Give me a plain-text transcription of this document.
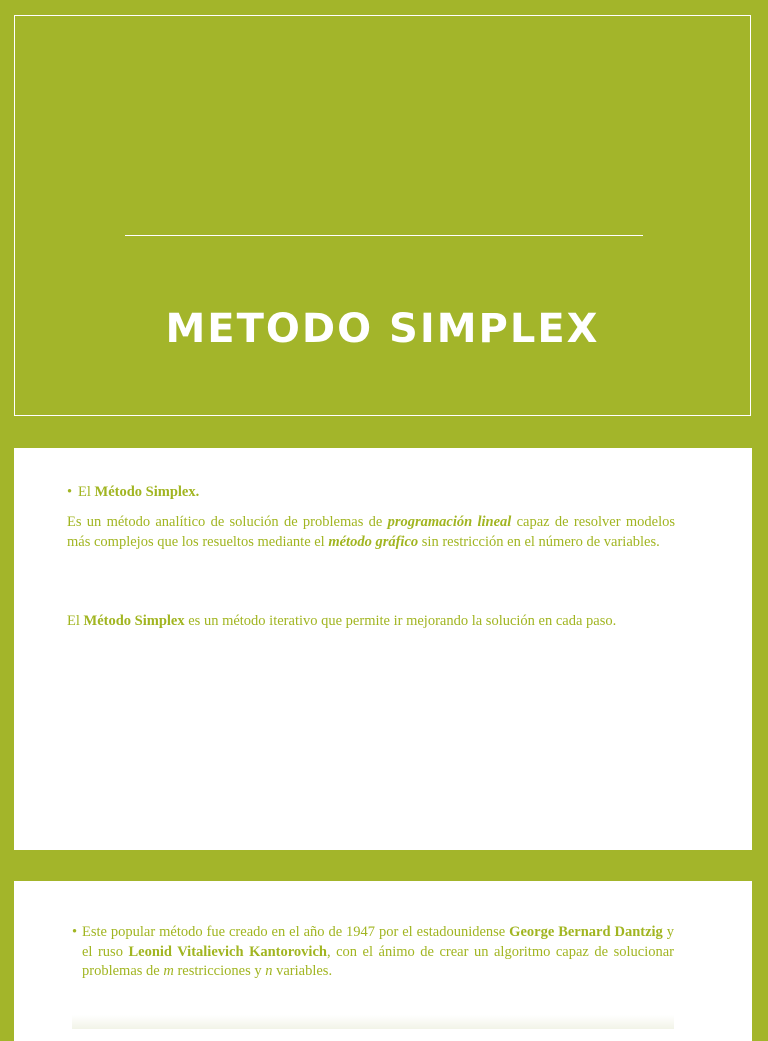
METODO SIMPLEX
• El Método Simplex.
Es un método analítico de solución de problemas de programación lineal capaz de resolver modelos más complejos que los resueltos mediante el método gráfico sin restricción en el número de variables.
El Método Simplex es un método iterativo que permite ir mejorando la solución en cada paso.
• Este popular método fue creado en el año de 1947 por el estadounidense George Bernard Dantzig y el ruso Leonid Vitalievich Kantorovich, con el ánimo de crear un algoritmo capaz de solucionar problemas de m restricciones y n variables.
